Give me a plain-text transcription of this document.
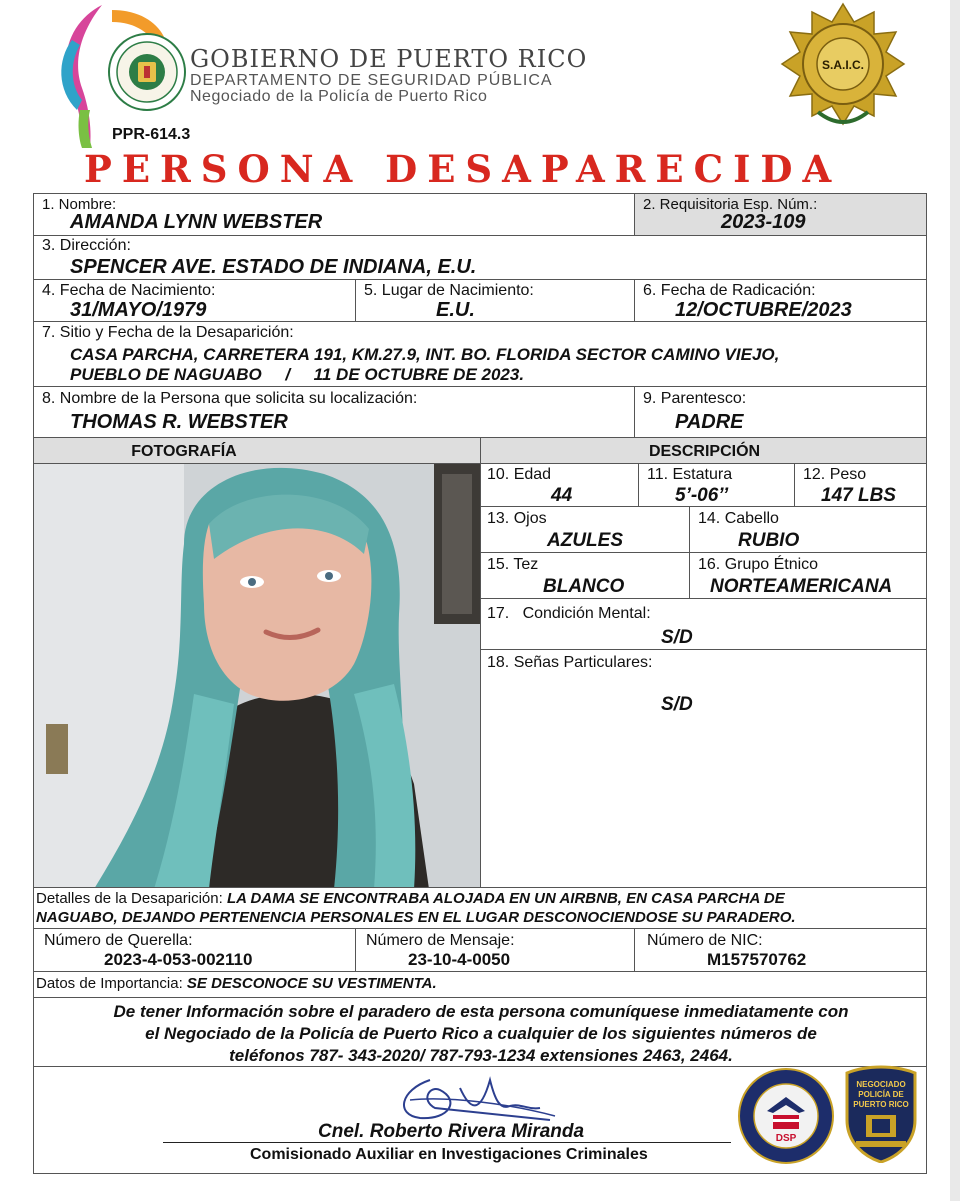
GOBIERNO DE PUERTO RICO
DEPARTAMENTO DE SEGURIDAD PÚBLICA
Negociado de la Policía de Puerto Rico
PPR-614.3
S.A.I.C.
PERSONA DESAPARECIDA
1. Nombre:
AMANDA LYNN WEBSTER
2. Requisitoria Esp. Núm.:
2023-109
3. Dirección:
SPENCER AVE. ESTADO DE INDIANA, E.U.
4. Fecha de Nacimiento:
31/MAYO/1979
5. Lugar de Nacimiento:
E.U.
6. Fecha de Radicación:
12/OCTUBRE/2023
7. Sitio y Fecha de la Desaparición:
CASA PARCHA, CARRETERA 191, KM.27.9, INT. BO. FLORIDA SECTOR CAMINO VIEJO,
PUEBLO DE NAGUABO     /     11 DE OCTUBRE DE 2023.
8. Nombre de la Persona que solicita su localización:
THOMAS R. WEBSTER
9. Parentesco:
PADRE
FOTOGRAFÍA	DESCRIPCIÓN
10. Edad
44
11. Estatura
5’-06’’
12. Peso
147 LBS
13. Ojos
AZULES
14. Cabello
RUBIO
15. Tez
BLANCO
16. Grupo Étnico
NORTEAMERICANA
17.   Condición Mental:
S/D
18. Señas Particulares:
S/D
Detalles de la Desaparición: LA DAMA SE ENCONTRABA ALOJADA EN UN AIRBNB, EN CASA PARCHA DE
NAGUABO, DEJANDO PERTENENCIA PERSONALES EN EL LUGAR DESCONOCIENDOSE SU PARADERO.
Número de Querella:
2023-4-053-002110
Número de Mensaje:
23-10-4-0050
Número de NIC:
M157570762
Datos de Importancia: SE DESCONOCE SU VESTIMENTA.
De tener Información sobre el paradero de esta persona comuníquese inmediatamente con
el Negociado de la Policía de Puerto Rico a cualquier de los siguientes números de
teléfonos 787- 343-2020/ 787-793-1234 extensiones 2463, 2464.
Cnel. Roberto Rivera Miranda
Comisionado Auxiliar en Investigaciones Criminales
DSP
NEGOCIADO
POLICÍA DE
PUERTO RICO
